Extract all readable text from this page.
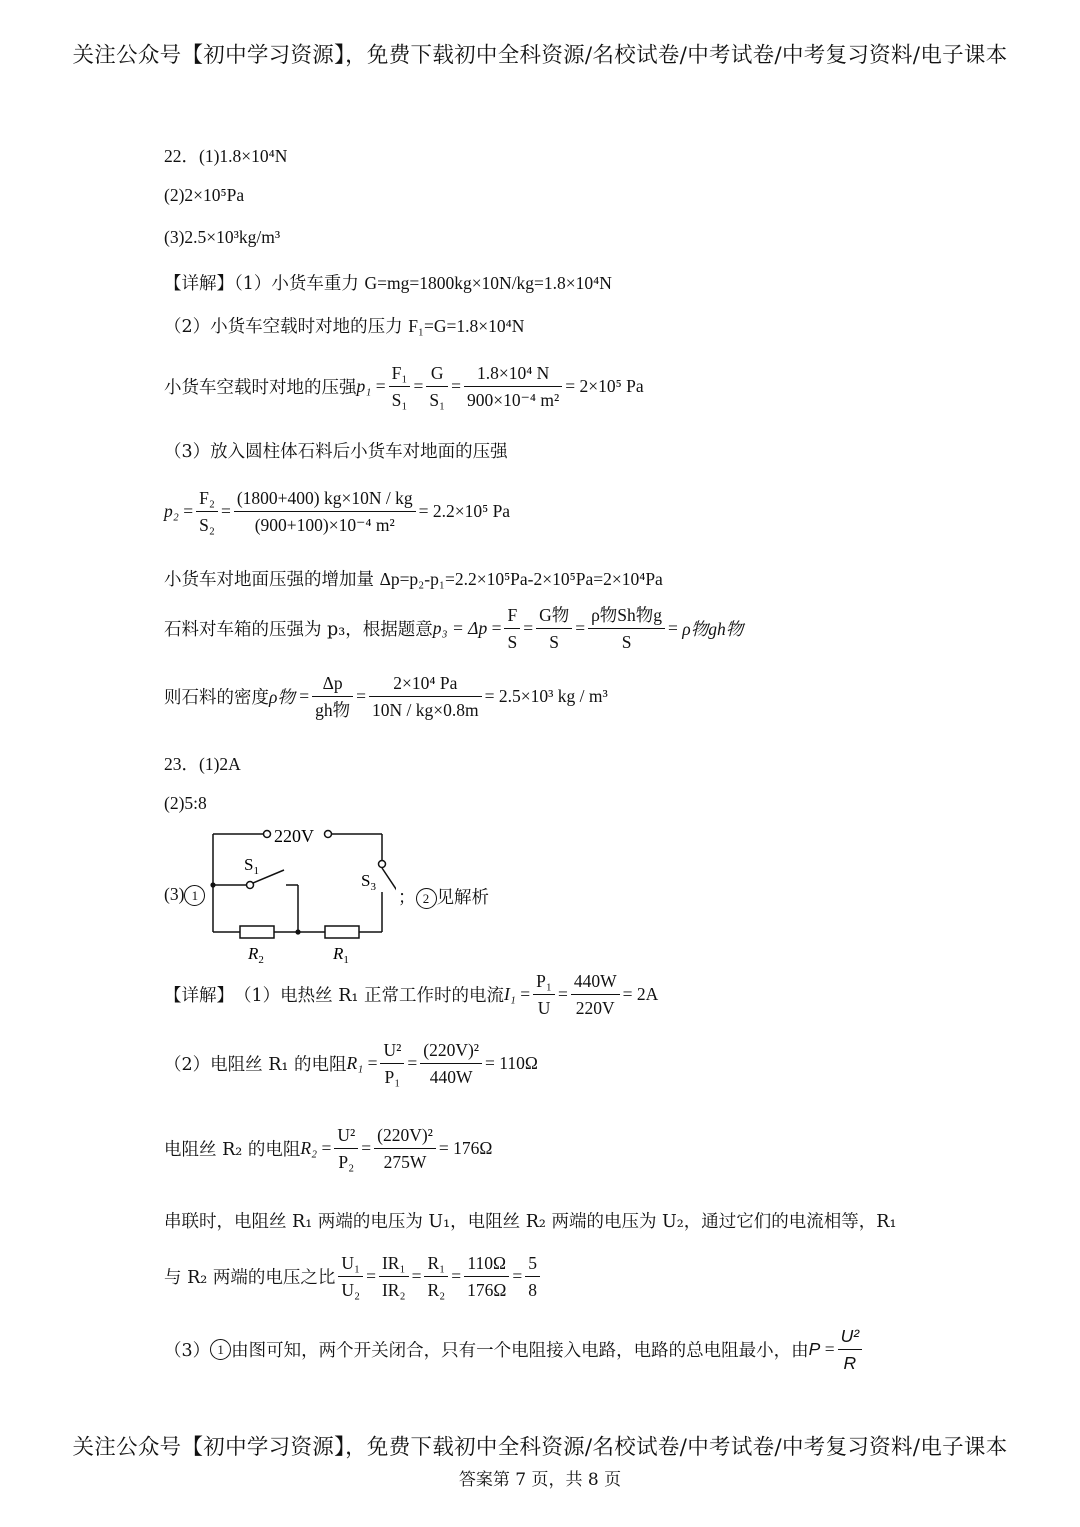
关注公众号【初中学习资源】，免费下载初中全科资源/名校试卷/中考试卷/中考复习资料/电子课本
22．(1)1.8×10⁴N
(2)2×10⁵Pa
(3)2.5×10³kg/m³
【详解】（1）小货车重力 G=mg=1800kg×10N/kg=1.8×10⁴N
（2）小货车空载时对地的压力 F₁=G=1.8×10⁴N
小货车空载时对地的压强 $p_1 = \frac{\text{F₁}}{\text{S₁}} = \frac{G}{\text{S₁}} = \frac{\text{1.8×10⁴ N}}{\text{900×10⁻⁴ m²}} = 2\times 10^5$ Pa
（3）放入圆柱体石料后小货车对地面的压强
$p_2 = \frac{\text{F₂}}{\text{S₂}} = \frac{(1800+400) kg\times 10N / kg}{\text{(900+100)×10⁻⁴ m²}} = 2.2\times 10^5$ Pa
小货车对地面压强的增加量 Δp=p₂-p₁=2.2×10⁵Pa-2×10⁵Pa=2×10⁴Pa
石料对车箱的压强为 p₃，根据题意 $p_3 = \Delta p = \frac{F}{S} = \frac{\text{G物}}{S} = \frac{\text{ρ物Sh物g}}{S} = \rho$物gh物
则石料的密度 ρ物 = $\frac{\Delta p}{\text{gh物}} = \frac{\text{2×10⁴ Pa}}{10N / kg\times 0.8m} = 2.5\times 10^3$ kg / m³
23．(1)2A
(2)5:8
(3) 1
220V
$S_1$	$S_3$
$R_2$	$R_1$
； 2 见解析
【详解】 （1）电热丝 R₁ 正常工作时的电流 $I_1 = \frac{\text{P₁}}{U} = \frac{440W}{220V} = 2A$
（2）电阻丝 R₁ 的电阻 $R_1 = \frac{\text{U²}}{\text{P₁}} = \frac{\text{(220V)²}}{440W} = 110\Omega$
电阻丝 R₂ 的电阻 $R_2 = \frac{\text{U²}}{\text{P₂}} = \frac{\text{(220V)²}}{275W} = 176\Omega$
串联时，电阻丝 R₁ 两端的电压为 U₁，电阻丝 R₂ 两端的电压为 U₂，通过它们的电流相等，R₁
与 R₂ 两端的电压之比 $\frac{\text{U₁}}{\text{U₂}} = \frac{\text{IR₁}}{\text{IR₂}} = \frac{\text{R₁}}{\text{R₂}} = \frac{110\Omega}{176\Omega} = \frac{5}{8}$
（3） 1 由图可知，两个开关闭合，只有一个电阻接入电路，电路的总电阻最小，由 $P = \frac{\text{U²}}{R}$
关注公众号【初中学习资源】，免费下载初中全科资源/名校试卷/中考试卷/中考复习资料/电子课本
答案第 7 页，共 8 页
